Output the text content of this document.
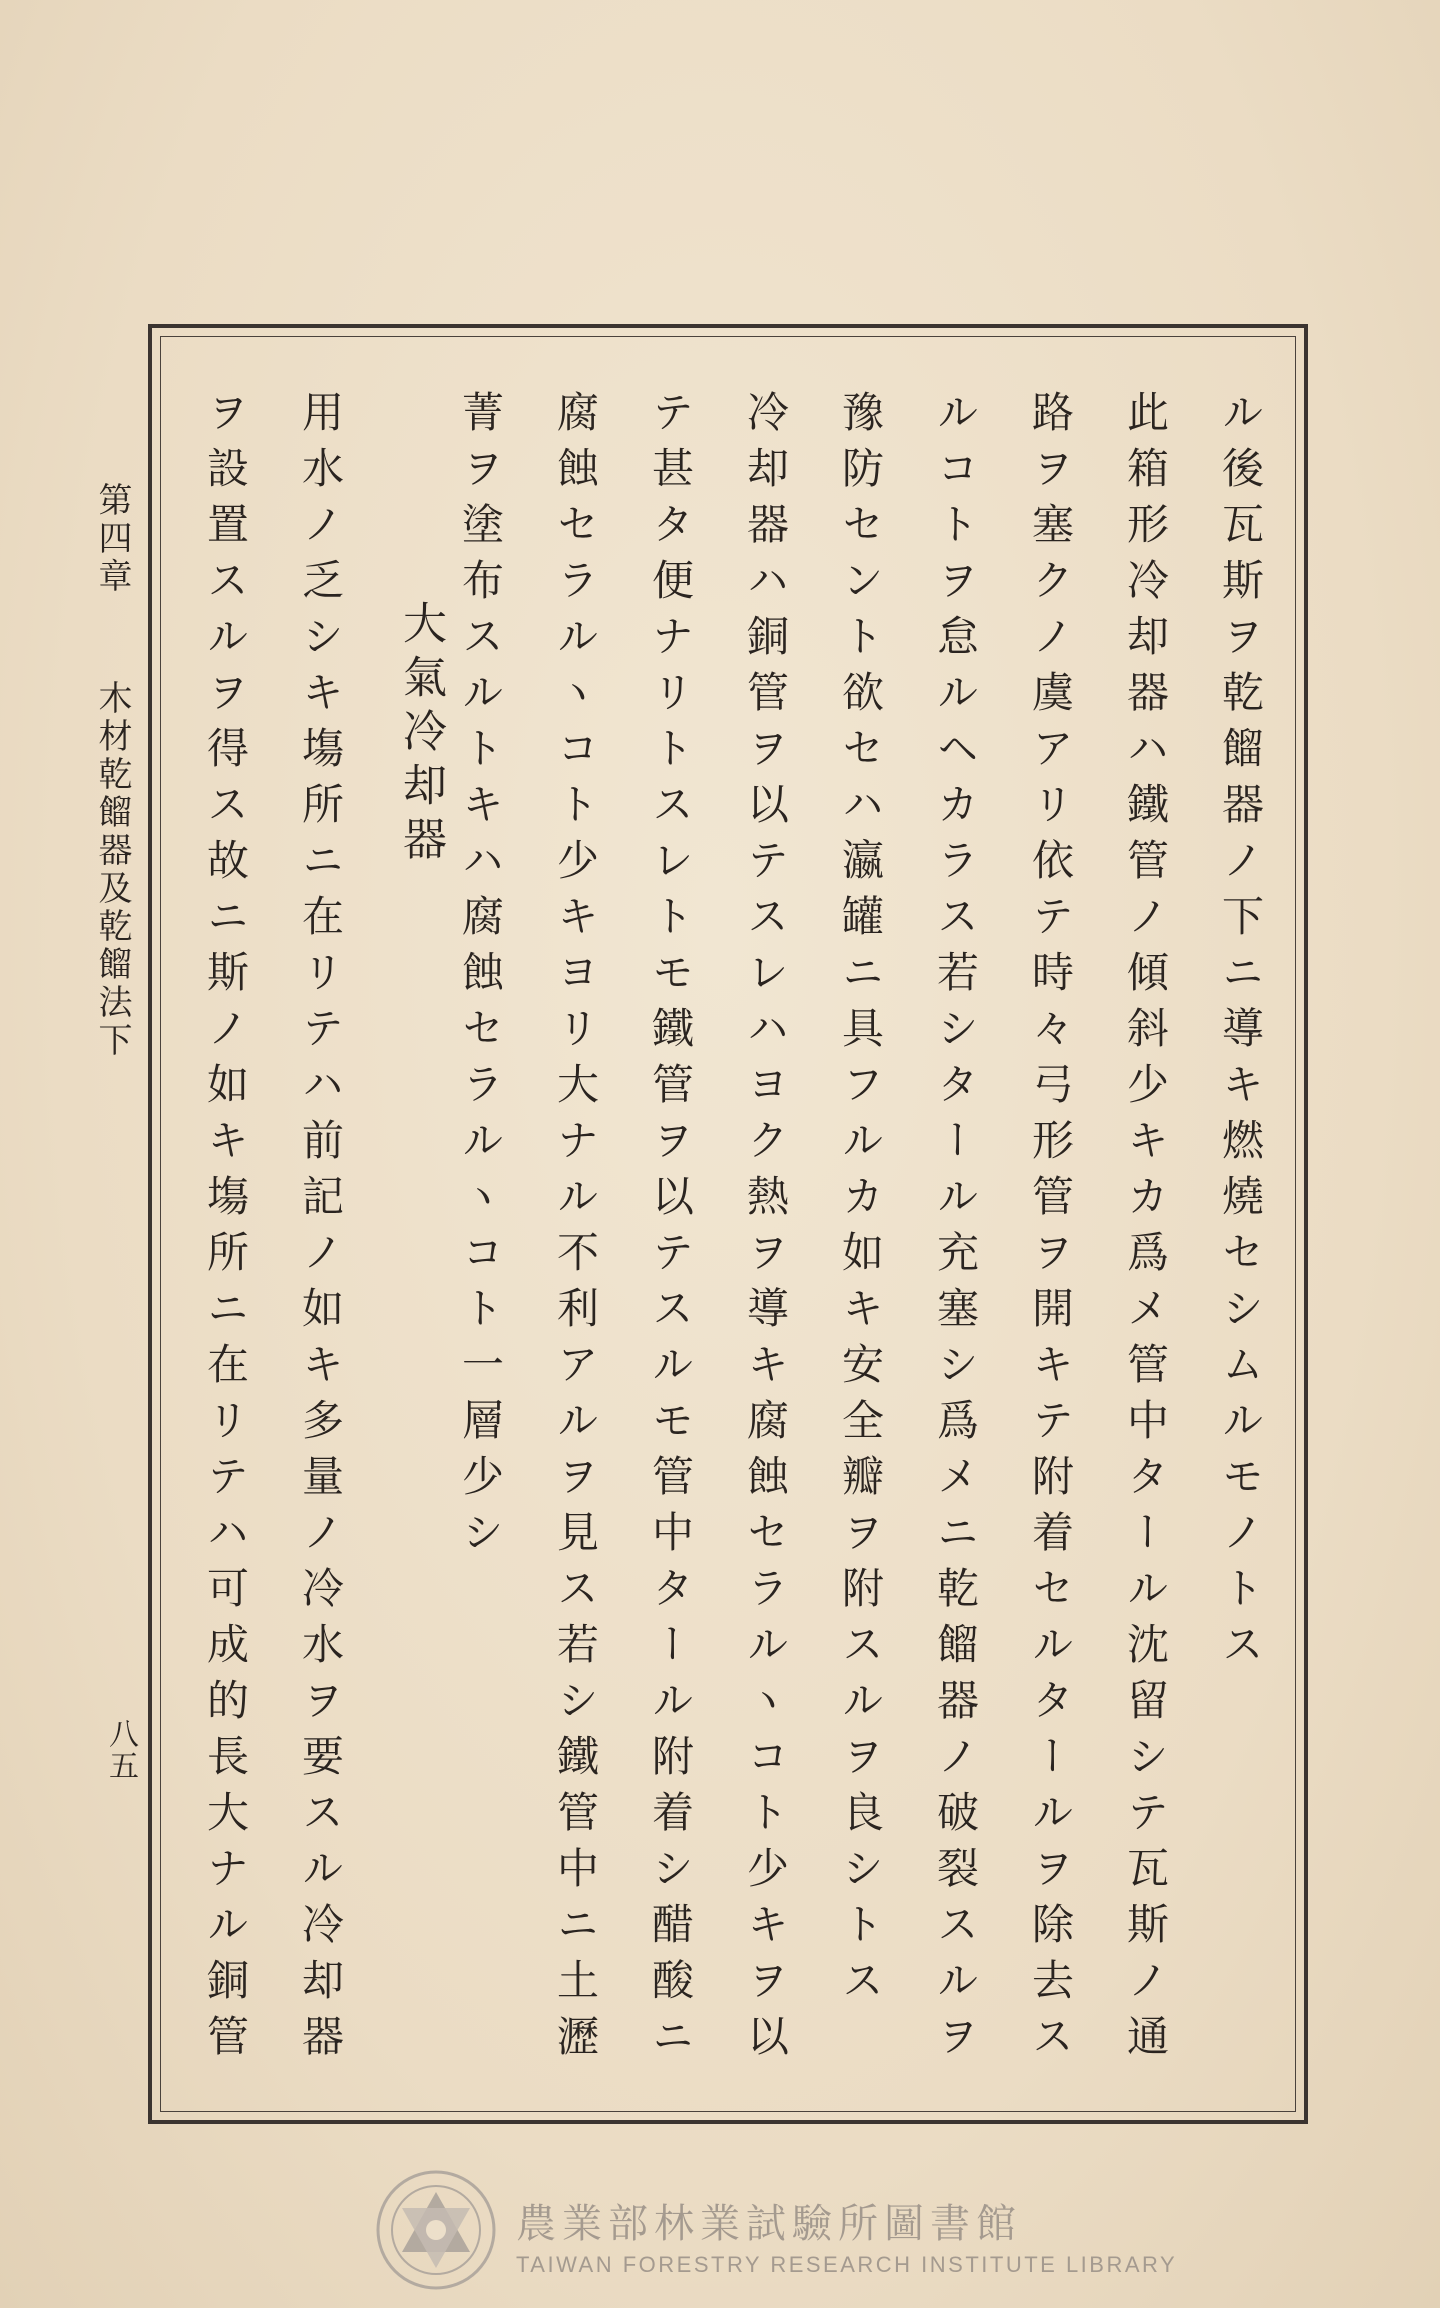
第四章
木材乾餾器及乾餾法下
八五
ル後瓦斯ヲ乾餾器ノ下ニ導キ燃燒セシムルモノトス
此箱形冷却器ハ鐵管ノ傾斜少キカ爲メ管中タール沈留シテ瓦斯ノ通
路ヲ塞クノ虞アリ依テ時々弓形管ヲ開キテ附着セルタールヲ除去ス
ルコトヲ怠ルヘカラス若シタール充塞シ爲メニ乾餾器ノ破裂スルヲ
豫防セント欲セハ瀛罐ニ具フルカ如キ安全瓣ヲ附スルヲ良シトス
冷却器ハ銅管ヲ以テスレハヨク熱ヲ導キ腐蝕セラルヽコト少キヲ以
テ甚タ便ナリトスレトモ鐵管ヲ以テスルモ管中タール附着シ醋酸ニ
腐蝕セラルヽコト少キヨリ大ナル不利アルヲ見ス若シ鐵管中ニ土瀝
菁ヲ塗布スルトキハ腐蝕セラルヽコト一層少シ
大氣冷却器
用水ノ乏シキ塲所ニ在リテハ前記ノ如キ多量ノ冷水ヲ要スル冷却器
ヲ設置スルヲ得ス故ニ斯ノ如キ塲所ニ在リテハ可成的長大ナル銅管
農業部林業試驗所圖書館
TAIWAN FORESTRY RESEARCH INSTITUTE LIBRARY
